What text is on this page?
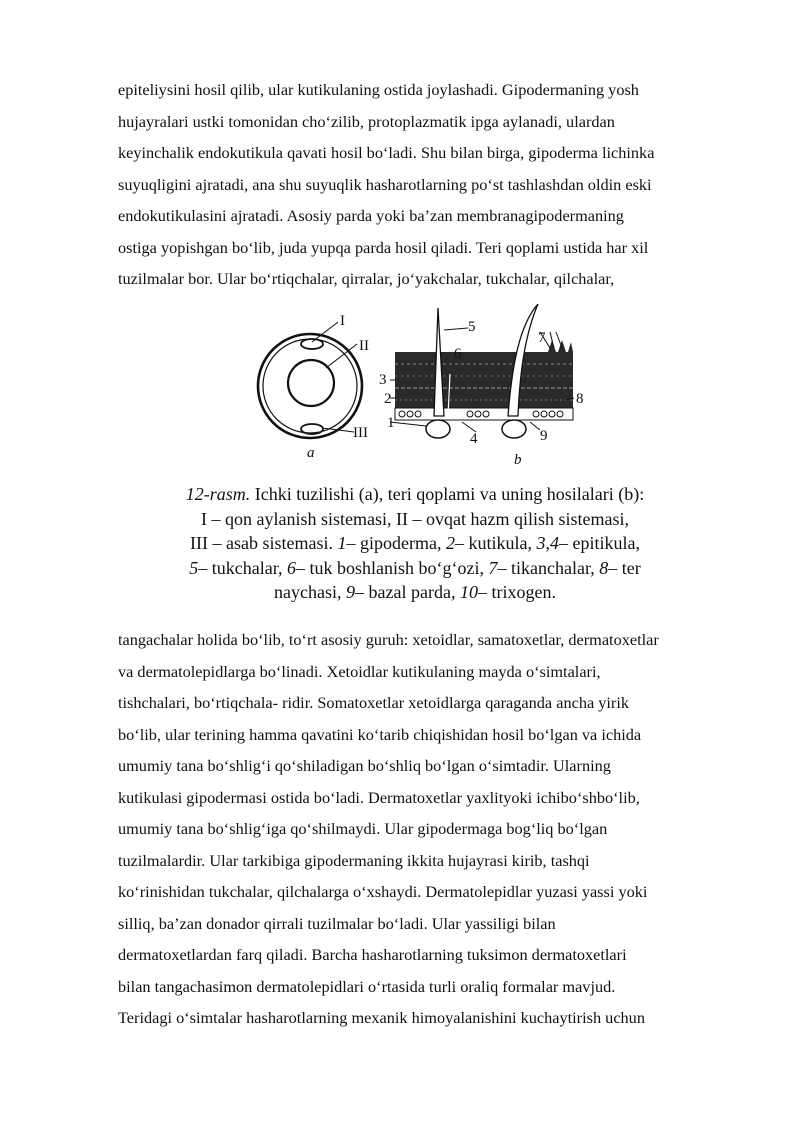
epiteliysini hosil qilib, ular kutikulaning ostida joylashadi. Gipodermaning yosh
hujayralari ustki tomonidan cho‘zilib, protoplazmatik ipga aylanadi, ulardan
keyinchalik endokutikula qavati hosil bo‘ladi. Shu bilan birga, gipoderma lichinka
suyuqligini ajratadi, ana shu suyuqlik hasharotlarning po‘st tashlashdan oldin eski
endokutikulasini ajratadi. Asosiy parda yoki ba’zan membranagipodermaning
ostiga yopishgan bo‘lib, juda yupqa parda hosil qiladi. Teri qoplami ustida har xil
tuzilmalar bor. Ular bo‘rtiqchalar, qirralar, jo‘yakchalar, tukchalar, qilchalar,
I
II
III
a
5
6
7
3
2	8
1
4	9
b
12-rasm. Ichki tuzilishi (a), teri qoplami va uning hosilalari (b):
I – qon aylanish sistemasi, II – ovqat hazm qilish sistemasi,
III – asab sistemasi. 1– gipoderma, 2– kutikula, 3,4– epitikula,
5– tukchalar, 6– tuk boshlanish bo‘g‘ozi, 7– tikanchalar, 8– ter
naychasi, 9– bazal parda, 10– trixogen.
tangachalar holida bo‘lib, to‘rt asosiy guruh: xetoidlar, samatoxetlar, dermatoxetlar
va dermatolepidlarga bo‘linadi. Xetoidlar kutikulaning mayda o‘simtalari,
tishchalari, bo‘rtiqchala- ridir. Somatoxetlar xetoidlarga qaraganda ancha yirik
bo‘lib, ular terining hamma qavatini ko‘tarib chiqishidan hosil bo‘lgan va ichida
umumiy tana bo‘shlig‘i qo‘shiladigan bo‘shliq bo‘lgan o‘simtadir. Ularning
kutikulasi gipodermasi ostida bo‘ladi. Dermatoxetlar yaxlityoki ichibo‘shbo‘lib,
umumiy tana bo‘shlig‘iga qo‘shilmaydi. Ular gipodermaga bog‘liq bo‘lgan
tuzilmalardir. Ular tarkibiga gipodermaning ikkita hujayrasi kirib, tashqi
ko‘rinishidan tukchalar, qilchalarga o‘xshaydi. Dermatolepidlar yuzasi yassi yoki
silliq, ba’zan donador qirrali tuzilmalar bo‘ladi. Ular yassiligi bilan
dermatoxetlardan farq qiladi. Barcha hasharotlarning tuksimon dermatoxetlari
bilan tangachasimon dermatolepidlari o‘rtasida turli oraliq formalar mavjud.
Teridagi o‘simtalar hasharotlarning mexanik himoyalanishini kuchaytirish uchun
